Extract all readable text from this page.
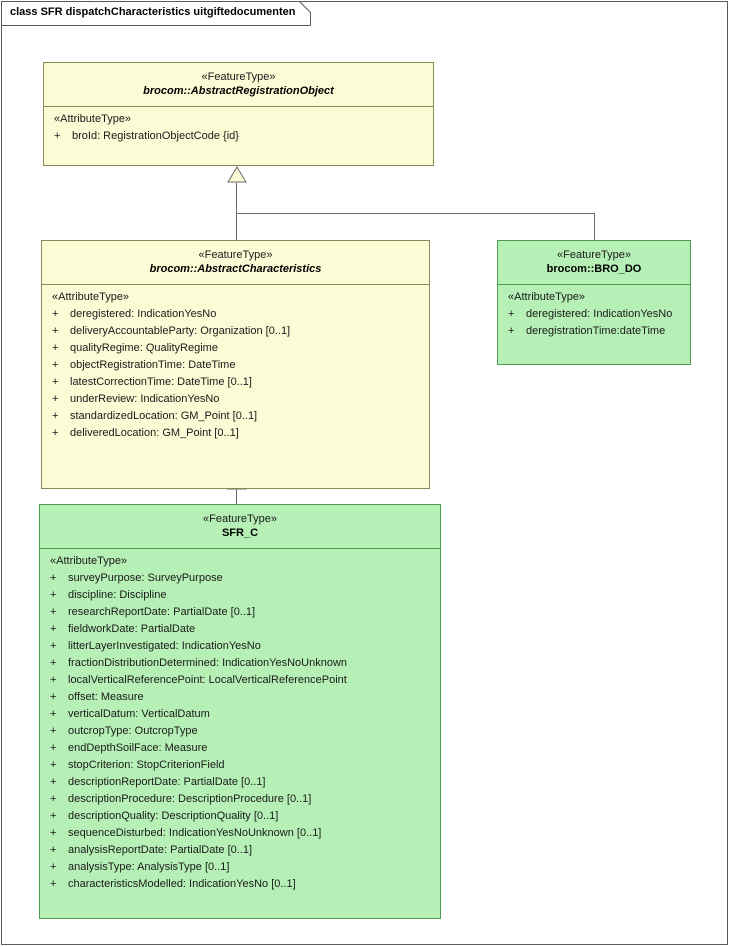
class SFR dispatchCharacteristics uitgiftedocumenten
«FeatureType»
brocom::AbstractRegistrationObject
«AttributeType»
+	broId: RegistrationObjectCode {id}
«FeatureType»
brocom::AbstractCharacteristics
«AttributeType»
+	deregistered: IndicationYesNo
+	deliveryAccountableParty: Organization [0..1]
+	qualityRegime: QualityRegime
+	objectRegistrationTime: DateTime
+	latestCorrectionTime: DateTime [0..1]
+	underReview: IndicationYesNo
+	standardizedLocation: GM_Point [0..1]
+	deliveredLocation: GM_Point [0..1]
«FeatureType»
brocom::BRO_DO
«AttributeType»
+	deregistered: IndicationYesNo
+	deregistrationTime:dateTime
«FeatureType»
SFR_C
«AttributeType»
+	surveyPurpose: SurveyPurpose
+	discipline: Discipline
+	researchReportDate: PartialDate [0..1]
+	fieldworkDate: PartialDate
+	litterLayerInvestigated: IndicationYesNo
+	fractionDistributionDetermined: IndicationYesNoUnknown
+	localVerticalReferencePoint: LocalVerticalReferencePoint
+	offset: Measure
+	verticalDatum: VerticalDatum
+	outcropType: OutcropType
+	endDepthSoilFace: Measure
+	stopCriterion: StopCriterionField
+	descriptionReportDate: PartialDate [0..1]
+	descriptionProcedure: DescriptionProcedure [0..1]
+	descriptionQuality: DescriptionQuality [0..1]
+	sequenceDisturbed: IndicationYesNoUnknown [0..1]
+	analysisReportDate: PartialDate [0..1]
+	analysisType: AnalysisType [0..1]
+	characteristicsModelled: IndicationYesNo [0..1]
